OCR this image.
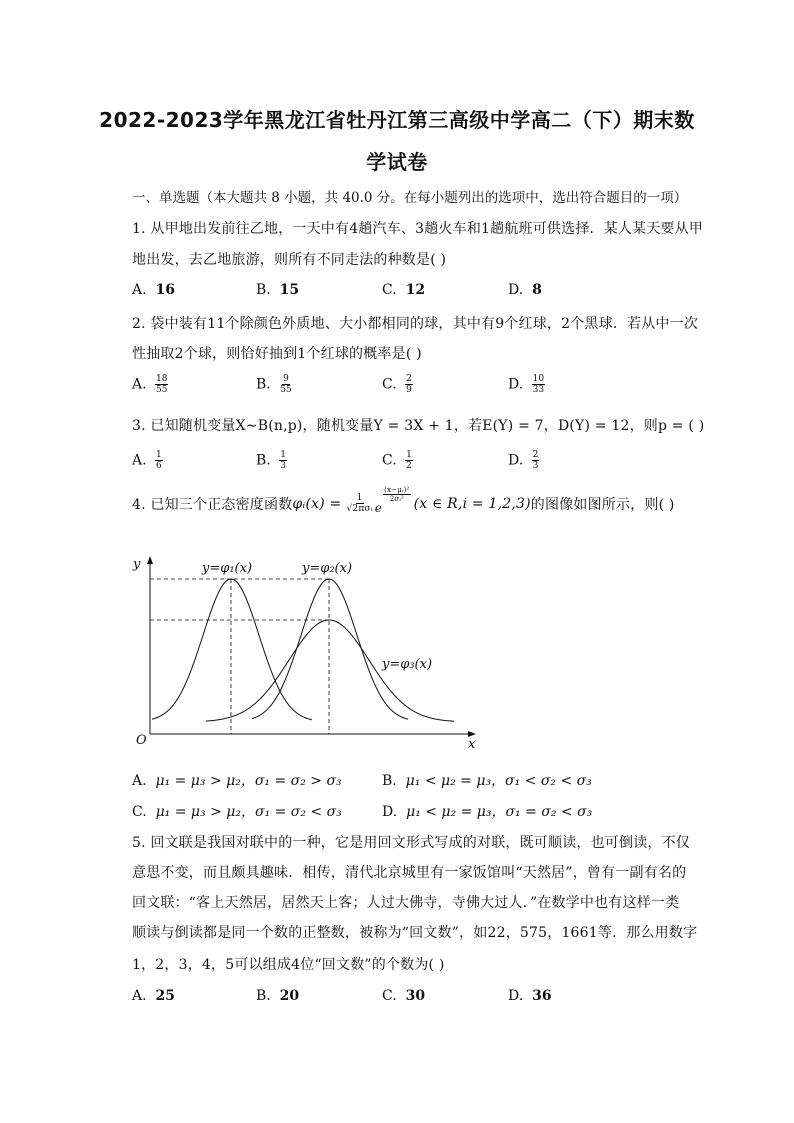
2022-2023学年黑龙江省牡丹江第三高级中学高二（下）期末数
学试卷
一、单选题（本大题共 8 小题，共 40.0 分。在每小题列出的选项中，选出符合题目的一项）
1. 从甲地出发前往乙地，一天中有4趟汽车、3趟火车和1趟航班可供选择．某人某天要从甲
地出发，去乙地旅游，则所有不同走法的种数是( )
A. 16	B. 15	C. 12	D. 8
2. 袋中装有11个除颜色外质地、大小都相同的球，其中有9个红球，2个黑球．若从中一次
性抽取2个球，则恰好抽到1个红球的概率是( )
A. $\frac{18}{55}$	B. $\frac{9}{55}$	C. $\frac{2}{9}$	D. $\frac{10}{33}$
3. 已知随机变量X∼B(n,p)，随机变量Y = 3X + 1，若E(Y) = 7，D(Y) = 12，则p = ( )
A. $\frac{1}{6}$	B. $\frac{1}{3}$	C. $\frac{1}{2}$	D. $\frac{2}{3}$
4. 已知三个正态密度函数 φᵢ(x) = $\frac{1}{\text{√2πσᵢ}}$ e
(x−μᵢ)²
2σᵢ² (x ∈ R,i = 1,2,3) 的图像如图所示，则( )
y
x
O
y=φ₁(x)	y=φ₂(x)
y=φ₃(x)
A. μ₁ = μ₃ > μ₂，σ₁ = σ₂ > σ₃	B. μ₁ < μ₂ = μ₃，σ₁ < σ₂ < σ₃
C. μ₁ = μ₃ > μ₂，σ₁ = σ₂ < σ₃	D. μ₁ < μ₂ = μ₃，σ₁ = σ₂ < σ₃
5. 回文联是我国对联中的一种，它是用回文形式写成的对联，既可顺读，也可倒读，不仅
意思不变，而且颇具趣味．相传，清代北京城里有一家饭馆叫“天然居”，曾有一副有名的
回文联：“客上天然居，居然天上客；人过大佛寺，寺佛大过人．”在数学中也有这样一类
顺读与倒读都是同一个数的正整数，被称为“回文数”，如22，575，1661等．那么用数字
1，2，3，4，5可以组成4位“回文数”的个数为( )
A. 25	B. 20	C. 30	D. 36
